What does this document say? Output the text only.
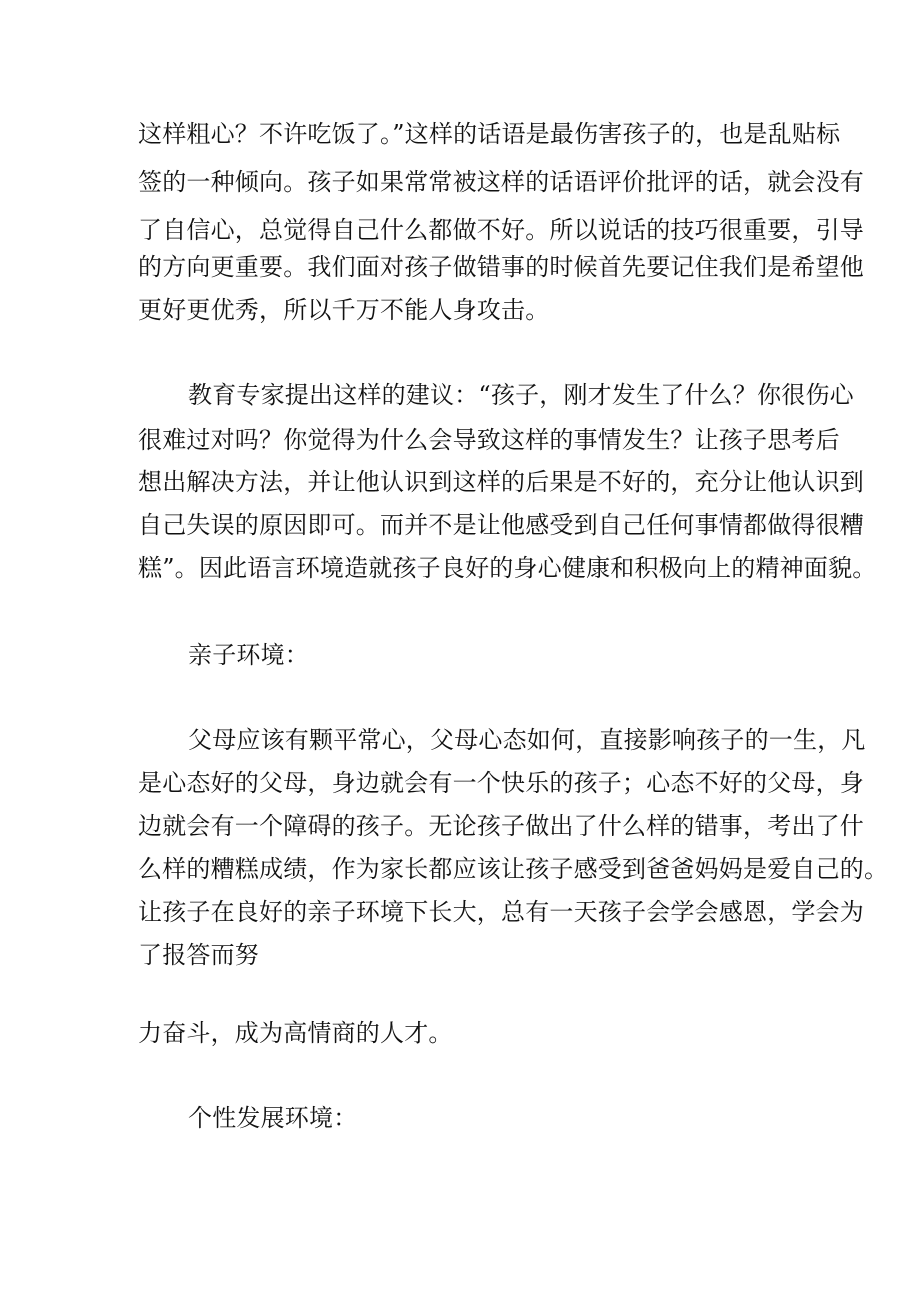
这样粗心？不许吃饭了。”这样的话语是最伤害孩子的，也是乱贴标
签的一种倾向。孩子如果常常被这样的话语评价批评的话，就会没有
了自信心，总觉得自己什么都做不好。所以说话的技巧很重要，引导
的方向更重要。我们面对孩子做错事的时候首先要记住我们是希望他
更好更优秀，所以千万不能人身攻击。
教育专家提出这样的建议：“孩子，刚才发生了什么？你很伤心
很难过对吗？你觉得为什么会导致这样的事情发生？让孩子思考后
想出解决方法，并让他认识到这样的后果是不好的，充分让他认识到
自己失误的原因即可。而并不是让他感受到自己任何事情都做得很糟
糕”。因此语言环境造就孩子良好的身心健康和积极向上的精神面貌。
亲子环境：
父母应该有颗平常心，父母心态如何，直接影响孩子的一生，凡
是心态好的父母，身边就会有一个快乐的孩子；心态不好的父母，身
边就会有一个障碍的孩子。无论孩子做出了什么样的错事，考出了什
么样的糟糕成绩，作为家长都应该让孩子感受到爸爸妈妈是爱自己的。
让孩子在良好的亲子环境下长大，总有一天孩子会学会感恩，学会为
了报答而努
力奋斗，成为高情商的人才。
个性发展环境：
